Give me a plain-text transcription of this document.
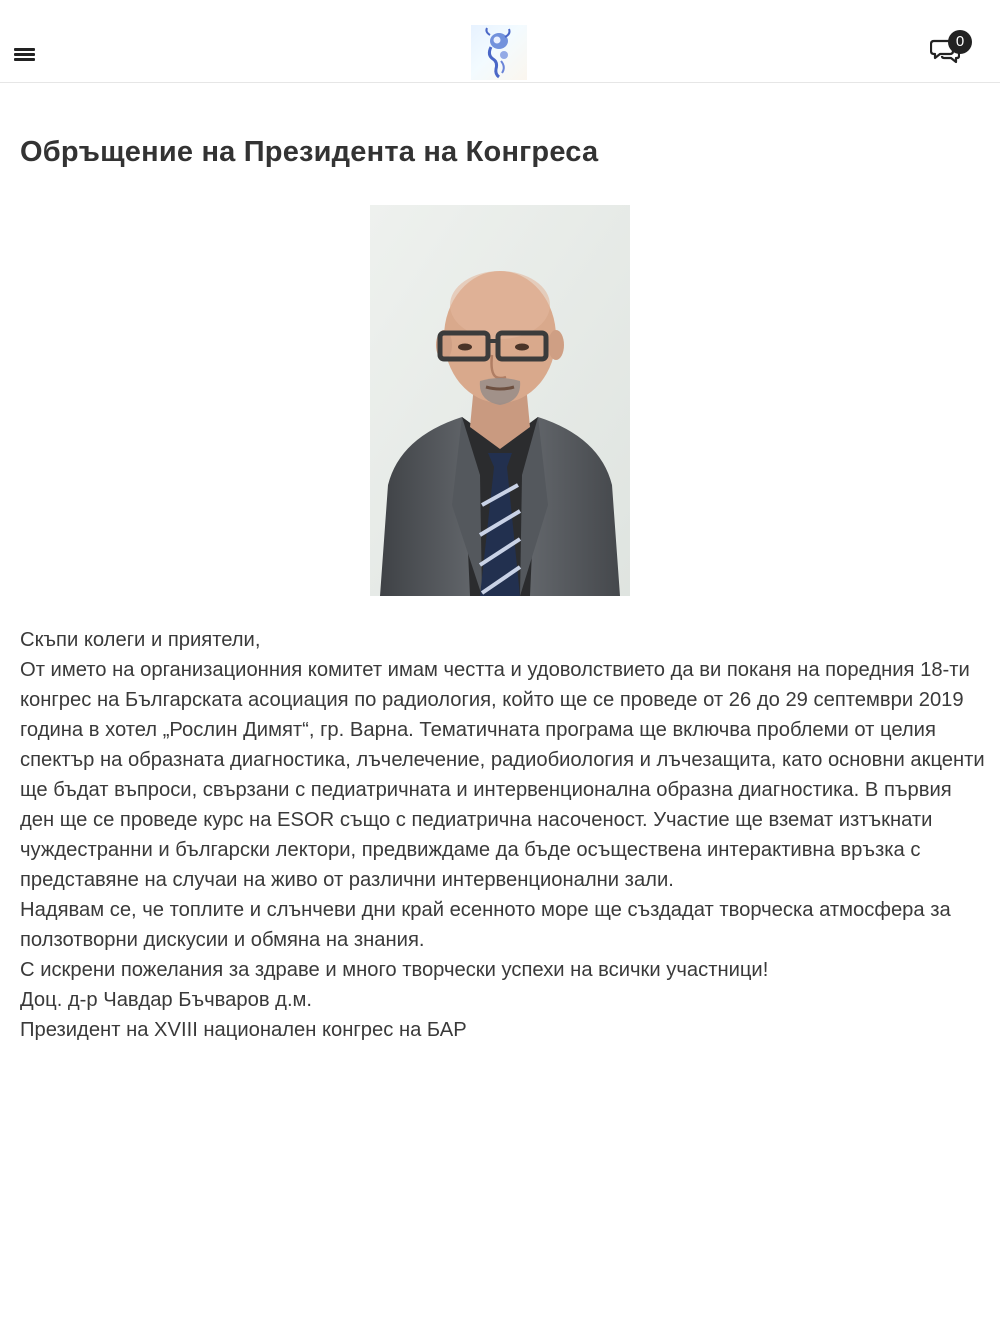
0
Обръщение на Президента на Конгреса

Скъпи колеги и приятели,

От името на организационния комитет имам честта и удоволствието да ви поканя на поредния 18-ти конгрес на Българската асоциация по радиология, който ще се проведе от 26 до 29 септември 2019 година в хотел „Рослин Димят“, гр. Варна. Тематичната програма ще включва проблеми от целия спектър на образната диагностика, лъчелечение, радиобиология и лъчезащита, като основни акценти ще бъдат въпроси, свързани с педиатричната и интервенционална образна диагностика. В първия ден ще се проведе курс на ESOR също с педиатрична насоченост. Участие ще вземат изтъкнати чуждестранни и български лектори, предвиждаме да бъде осъществена интерактивна връзка с представяне на случаи на живо от различни интервенционални зали.

Надявам се, че топлите и слънчеви дни край есенното море ще създадат творческа атмосфера за ползотворни дискусии и обмяна на знания.

С искрени пожелания за здраве и много творчески успехи на всички участници!

Доц. д-р Чавдар Бъчваров д.м.

Президент на XVIII национален конгрес на БАР
